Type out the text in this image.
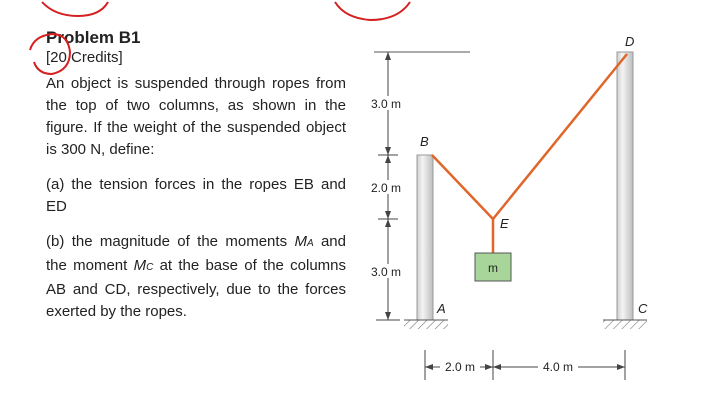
Problem B1

[20 Credits]

An object is suspended through ropes from the top of two columns, as shown in the figure. If the weight of the suspended object is 300 N, define:

(a) the tension forces in the ropes EB and ED

(b) the magnitude of the moments MA and the moment MC at the base of the columns AB and CD, respectively, due to the forces exerted by the ropes.

3.0 m
2.0 m
3.0 m	m
B
D
E
A	C
2.0 m	4.0 m
